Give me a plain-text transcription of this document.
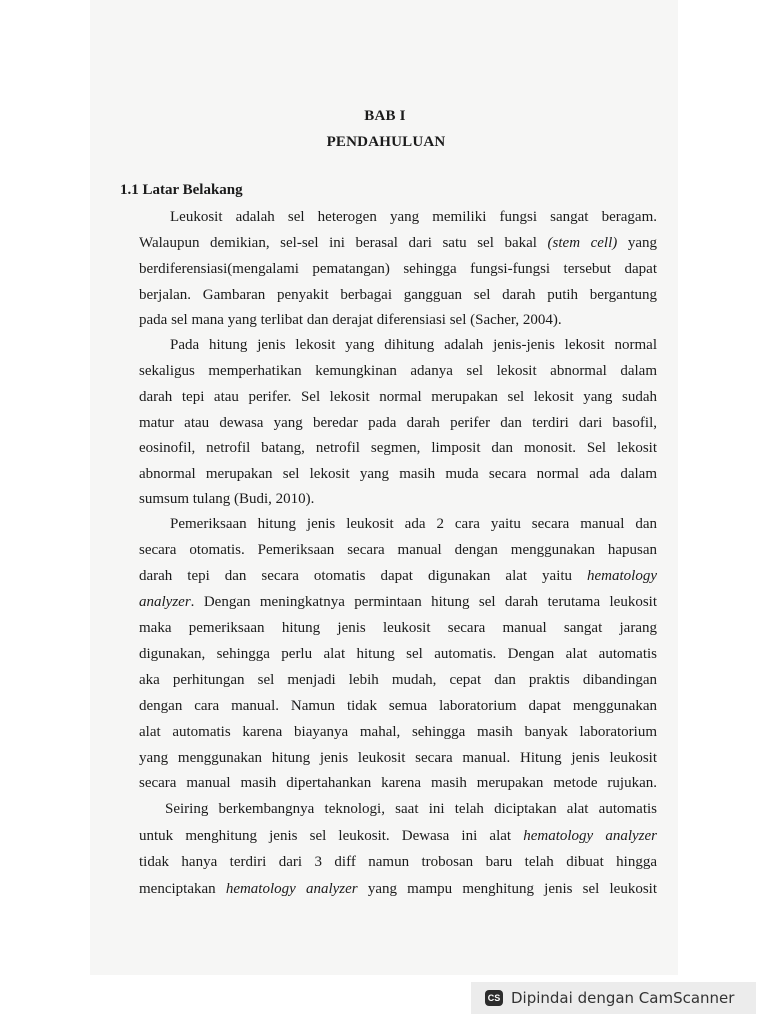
BAB I
PENDAHULUAN
1.1 Latar Belakang
Leukosit adalah sel heterogen yang memiliki fungsi sangat beragam.
Walaupun demikian, sel-sel ini berasal dari satu sel bakal (stem cell) yang
berdiferensiasi(mengalami pematangan) sehingga fungsi-fungsi tersebut dapat
berjalan. Gambaran penyakit berbagai gangguan sel darah putih bergantung
pada sel mana yang terlibat dan derajat diferensiasi sel (Sacher, 2004).
Pada hitung jenis lekosit yang dihitung adalah jenis-jenis lekosit normal
sekaligus memperhatikan kemungkinan adanya sel lekosit abnormal dalam
darah tepi atau perifer. Sel lekosit normal merupakan sel lekosit yang sudah
matur atau dewasa yang beredar pada darah perifer dan terdiri dari basofil,
eosinofil, netrofil batang, netrofil segmen, limposit dan monosit. Sel lekosit
abnormal merupakan sel lekosit yang masih muda secara normal ada dalam
sumsum tulang (Budi, 2010).
Pemeriksaan hitung jenis leukosit ada 2 cara yaitu secara manual dan
secara otomatis. Pemeriksaan secara manual dengan menggunakan hapusan
darah tepi dan secara otomatis dapat digunakan alat yaitu hematology
analyzer. Dengan meningkatnya permintaan hitung sel darah terutama leukosit
maka pemeriksaan hitung jenis leukosit secara manual sangat jarang
digunakan, sehingga perlu alat hitung sel automatis. Dengan alat automatis
aka perhitungan sel menjadi lebih mudah, cepat dan praktis dibandingan
dengan cara manual. Namun tidak semua laboratorium dapat menggunakan
alat automatis karena biayanya mahal, sehingga masih banyak laboratorium
yang menggunakan hitung jenis leukosit secara manual. Hitung jenis leukosit
secara manual masih dipertahankan karena masih merupakan metode rujukan.
Seiring berkembangnya teknologi, saat ini telah diciptakan alat automatis
untuk menghitung jenis sel leukosit. Dewasa ini alat hematology analyzer
tidak hanya terdiri dari 3 diff namun trobosan baru telah dibuat hingga
menciptakan hematology analyzer yang mampu menghitung jenis sel leukosit
CS Dipindai dengan CamScanner
